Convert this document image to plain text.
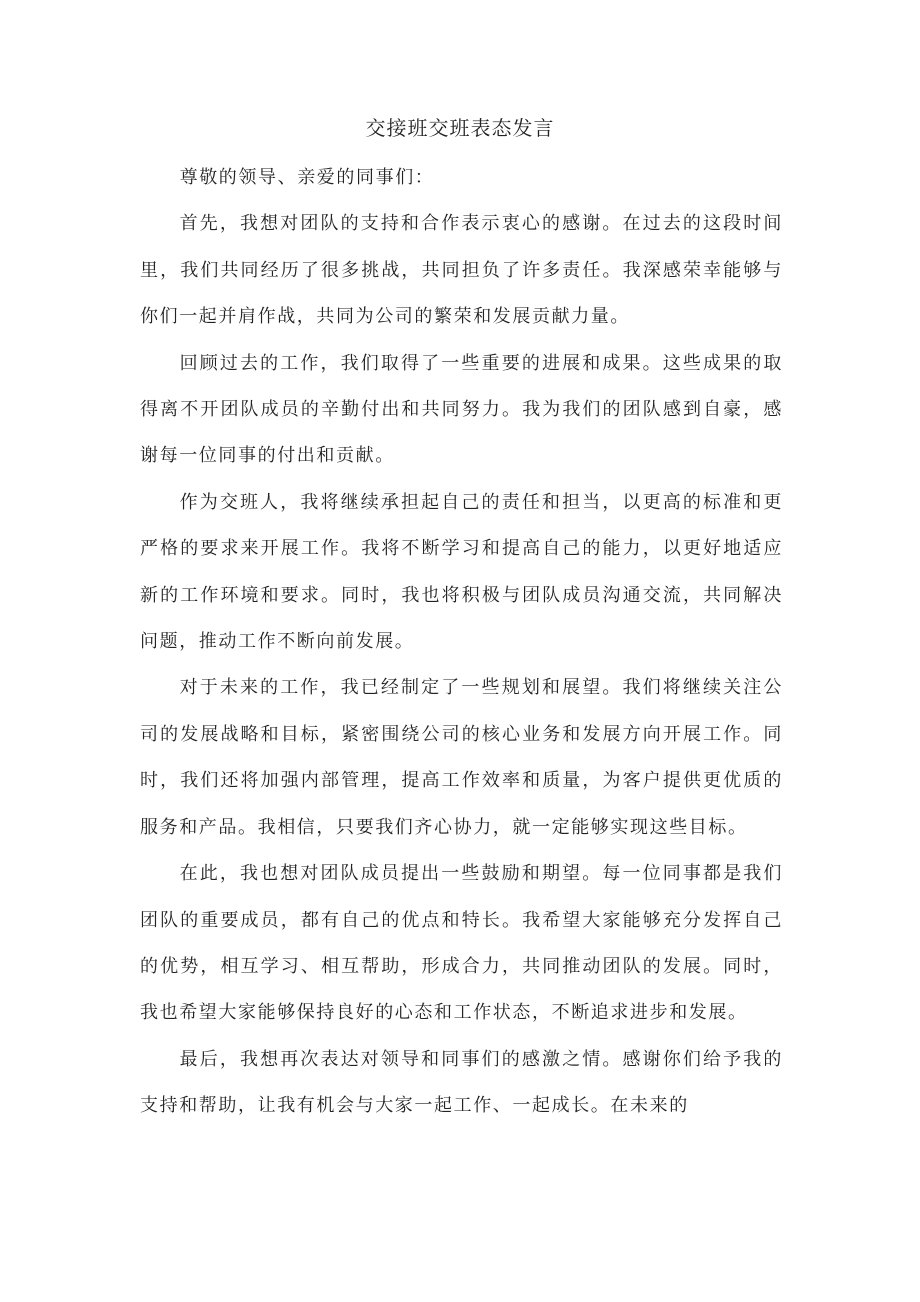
交接班交班表态发言

尊敬的领导、亲爱的同事们：

首先，我想对团队的支持和合作表示衷心的感谢。在过去的这段时间里，我们共同经历了很多挑战，共同担负了许多责任。我深感荣幸能够与你们一起并肩作战，共同为公司的繁荣和发展贡献力量。

回顾过去的工作，我们取得了一些重要的进展和成果。这些成果的取得离不开团队成员的辛勤付出和共同努力。我为我们的团队感到自豪，感谢每一位同事的付出和贡献。

作为交班人，我将继续承担起自己的责任和担当，以更高的标准和更严格的要求来开展工作。我将不断学习和提高自己的能力，以更好地适应新的工作环境和要求。同时，我也将积极与团队成员沟通交流，共同解决问题，推动工作不断向前发展。

对于未来的工作，我已经制定了一些规划和展望。我们将继续关注公司的发展战略和目标，紧密围绕公司的核心业务和发展方向开展工作。同时，我们还将加强内部管理，提高工作效率和质量，为客户提供更优质的服务和产品。我相信，只要我们齐心协力，就一定能够实现这些目标。

在此，我也想对团队成员提出一些鼓励和期望。每一位同事都是我们团队的重要成员，都有自己的优点和特长。我希望大家能够充分发挥自己的优势，相互学习、相互帮助，形成合力，共同推动团队的发展。同时，我也希望大家能够保持良好的心态和工作状态，不断追求进步和发展。

最后，我想再次表达对领导和同事们的感激之情。感谢你们给予我的支持和帮助，让我有机会与大家一起工作、一起成长。在未来的
